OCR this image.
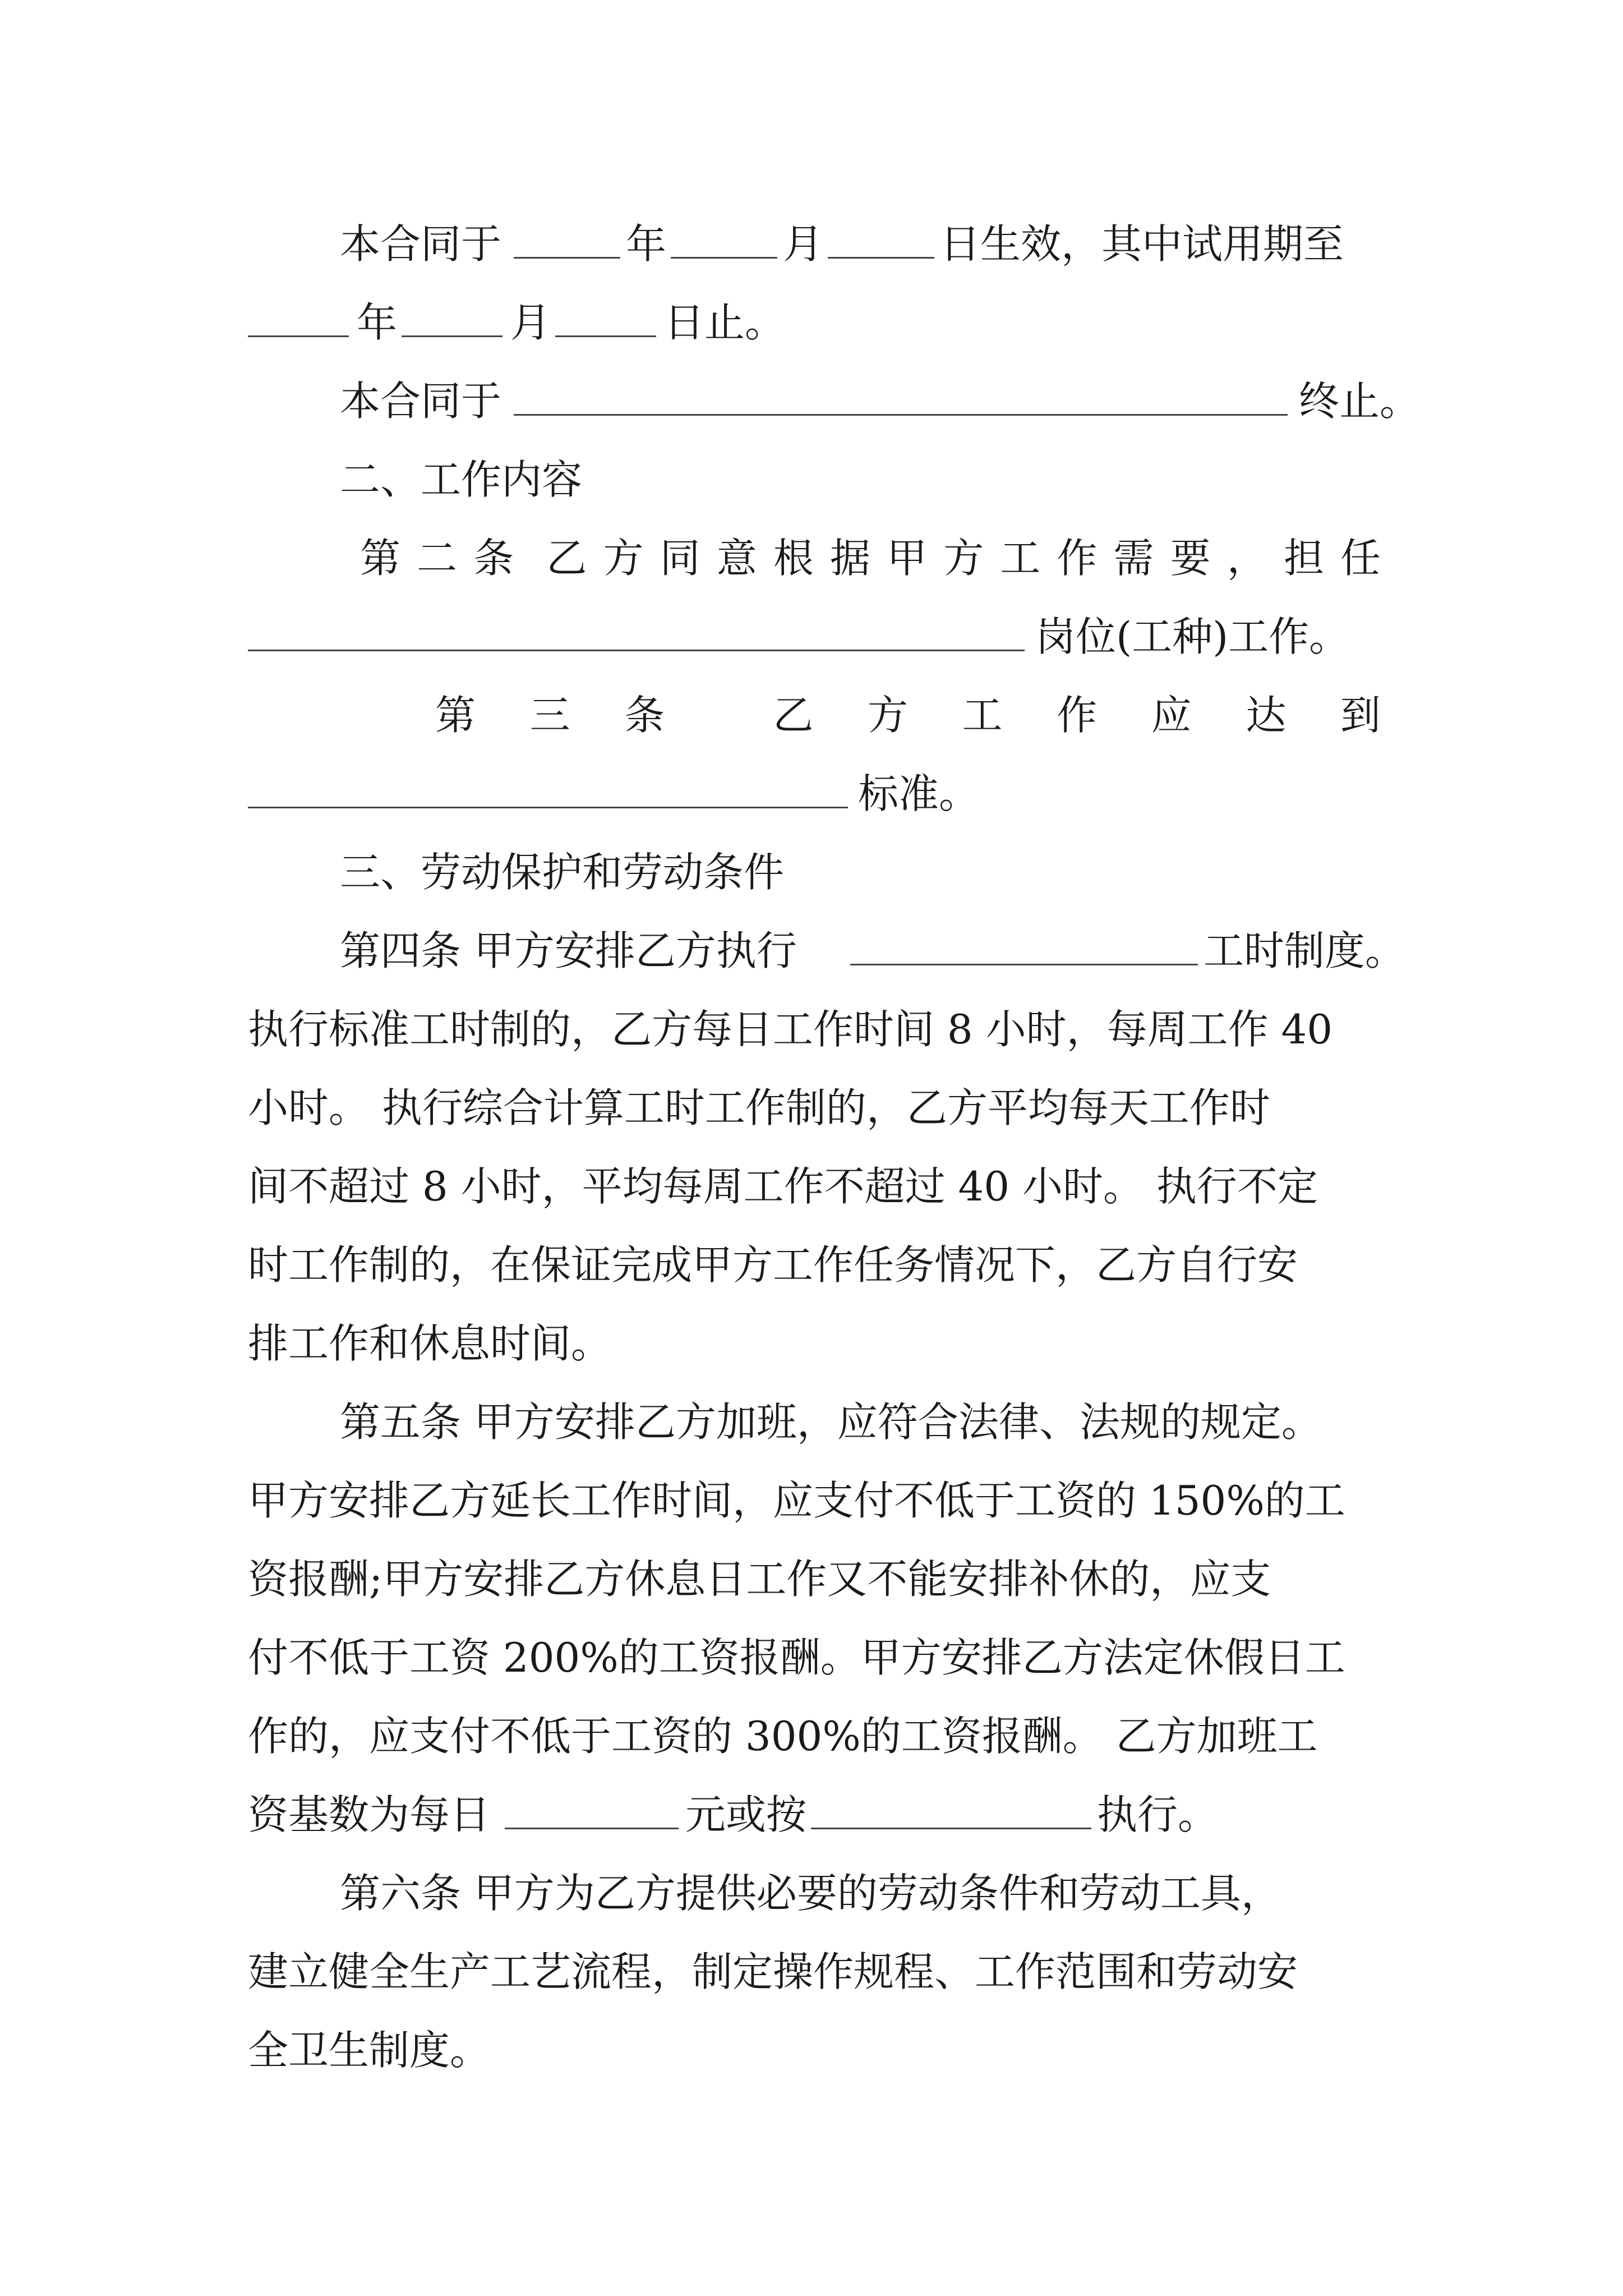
本合同于	年	月	日生效，其中试用期至
年	月	日止。
本合同于	终止。
二、工作内容
第 二 条 乙 方 同 意 根 据 甲 方 工 作 需 要 ， 担 任
岗位(工种)工作。
第 三 条	乙 方 工 作 应 达 到
标准。
三、劳动保护和劳动条件
第四条 甲方安排乙方执行	工时制度。
执行标准工时制的，乙方每日工作时间 8 小时，每周工作 40
小时。 执行综合计算工时工作制的，乙方平均每天工作时
间不超过 8 小时，平均每周工作不超过 40 小时。 执行不定
时工作制的，在保证完成甲方工作任务情况下，乙方自行安
排工作和休息时间。
第五条 甲方安排乙方加班，应符合法律、法规的规定。
甲方安排乙方延长工作时间，应支付不低于工资的 150%的工
资报酬;甲方安排乙方休息日工作又不能安排补休的，应支
付不低于工资 200%的工资报酬。甲方安排乙方法定休假日工
作的，应支付不低于工资的 300%的工资报酬。 乙方加班工
资基数为每日	元或按	执行。
第六条 甲方为乙方提供必要的劳动条件和劳动工具，
建立健全生产工艺流程，制定操作规程、工作范围和劳动安
全卫生制度。
